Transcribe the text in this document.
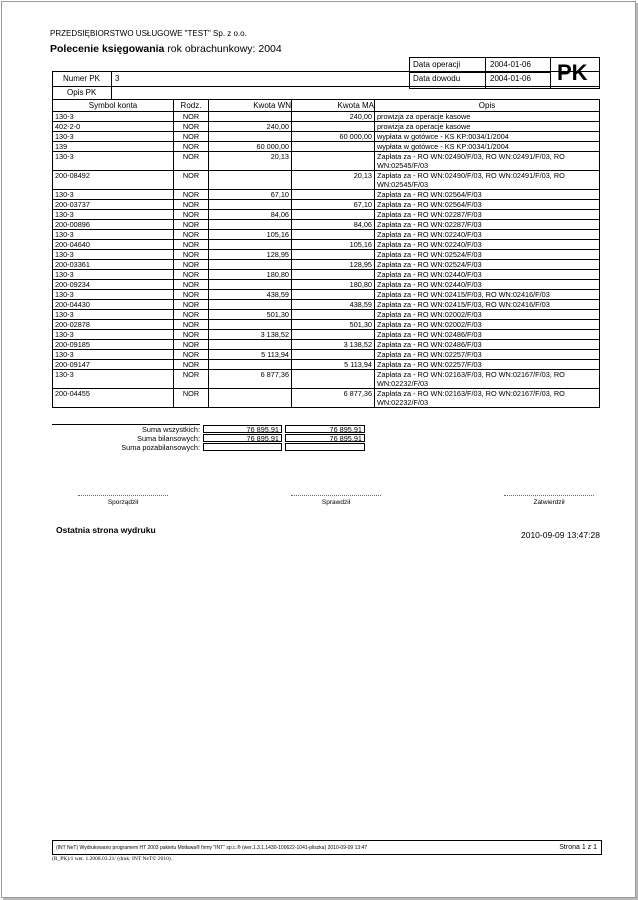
PRZEDSIĘBIORSTWO USŁUGOWE "TEST" Sp. z o.o.
Polecenie księgowania rok obrachunkowy: 2004
Data operacji	2004-01-06
Data dowodu	2004-01-06 PK
Numer PK 3
Opis PK
Symbol konta	Rodz.	Kwota WN	Kwota MA	Opis
130-3	NOR		240,00	prowizja za operacje kasowe
402-2-0	NOR	240,00		prowizja za operacje kasowe
130-3	NOR		60 000,00	wypłata w gotówce - KS KP:0034/1/2004
139	NOR	60 000,00		wypłata w gotówce - KS KP:0034/1/2004
130-3	NOR	20,13		Zapłata za - RO WN:02490/F/03, RO WN:02491/F/03, RO WN:02545/F/03
200-08492	NOR		20,13	Zapłata za - RO WN:02490/F/03, RO WN:02491/F/03, RO WN:02545/F/03
130-3	NOR	67,10		Zapłata za - RO WN:02564/F/03
200-03737	NOR		67,10	Zapłata za - RO WN:02564/F/03
130-3	NOR	84,06		Zapłata za - RO WN:02287/F/03
200-00896	NOR		84,06	Zapłata za - RO WN:02287/F/03
130-3	NOR	105,16		Zapłata za - RO WN:02240/F/03
200-04640	NOR		105,16	Zapłata za - RO WN:02240/F/03
130-3	NOR	128,95		Zapłata za - RO WN:02524/F/03
200-03361	NOR		128,95	Zapłata za - RO WN:02524/F/03
130-3	NOR	180,80		Zapłata za - RO WN:02440/F/03
200-09234	NOR		180,80	Zapłata za - RO WN:02440/F/03
130-3	NOR	438,59		Zapłata za - RO WN:02415/F/03, RO WN:02416/F/03
200-04430	NOR		438,59	Zapłata za - RO WN:02415/F/03, RO WN:02416/F/03
130-3	NOR	501,30		Zapłata za - RO WN:02002/F/03
200-02878	NOR		501,30	Zapłata za - RO WN:02002/F/03
130-3	NOR	3 138,52		Zapłata za - RO WN:02486/F/03
200-09185	NOR		3 138,52	Zapłata za - RO WN:02486/F/03
130-3	NOR	5 113,94		Zapłata za - RO WN:02257/F/03
200-09147	NOR		5 113,94	Zapłata za - RO WN:02257/F/03
130-3	NOR	6 877,36		Zapłata za - RO WN:02163/F/03, RO WN:02167/F/03, RO WN:02232/F/03
200-04455	NOR		6 877,36	Zapłata za - RO WN:02163/F/03, RO WN:02167/F/03, RO WN:02232/F/03
Suma wszystkich:	76 895,91	76 895,91
Suma bilansowych:	76 895,91	76 895,91
Suma pozabilansowych:
Sporządził	Sprawdził	Zatwierdził
Ostatnia strona wydruku	2010-09-09 13:47:28
(INT NeT) Wydrukowano programem HT 2003 pakietu Motława® firmy "INT" sp.c.® (wer.1.3.1.1430-100622-1041-pliszka) 2010-09-09 13:47	Strona 1 z 1
(R_PK)/1 wer. 1.2008.03.21/ (druk: INT NeT© 2010).
